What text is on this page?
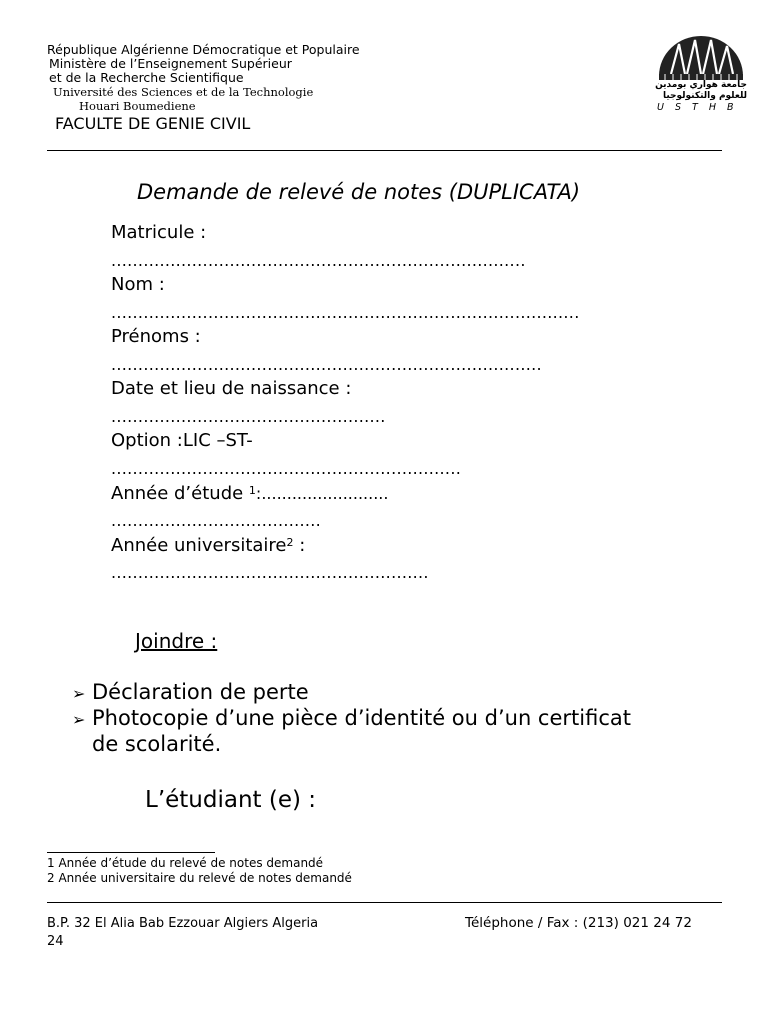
République Algérienne Démocratique et Populaire
Ministère de l’Enseignement Supérieur
et de la Recherche Scientifique
Université des Sciences et de la Technologie
Houari Boumediene
FACULTE DE GENIE CIVIL
جامعة هواري بومدين
للعلوم والتكنولوجيا
U S T H B
Demande de relevé de notes (DUPLICATA)
Matricule :
.............................................................................
Nom :
.......................................................................................
Prénoms :
................................................................................
Date et lieu de naissance :
...................................................
Option :LIC –ST-
.................................................................
Année d’étude $^1$:.........................
.......................................
Année universitaire$^2$ :
...........................................................
Joindre :
➢ Déclaration de perte
➢ Photocopie d’une pièce d’identité ou d’un certificat
de scolarité.
L’étudiant (e) :
1 Année d’étude du relevé de notes demandé
2 Année universitaire du relevé de notes demandé
B.P. 32 El Alia Bab Ezzouar Algiers Algeria	Téléphone / Fax : (213) 021 24 72
24
